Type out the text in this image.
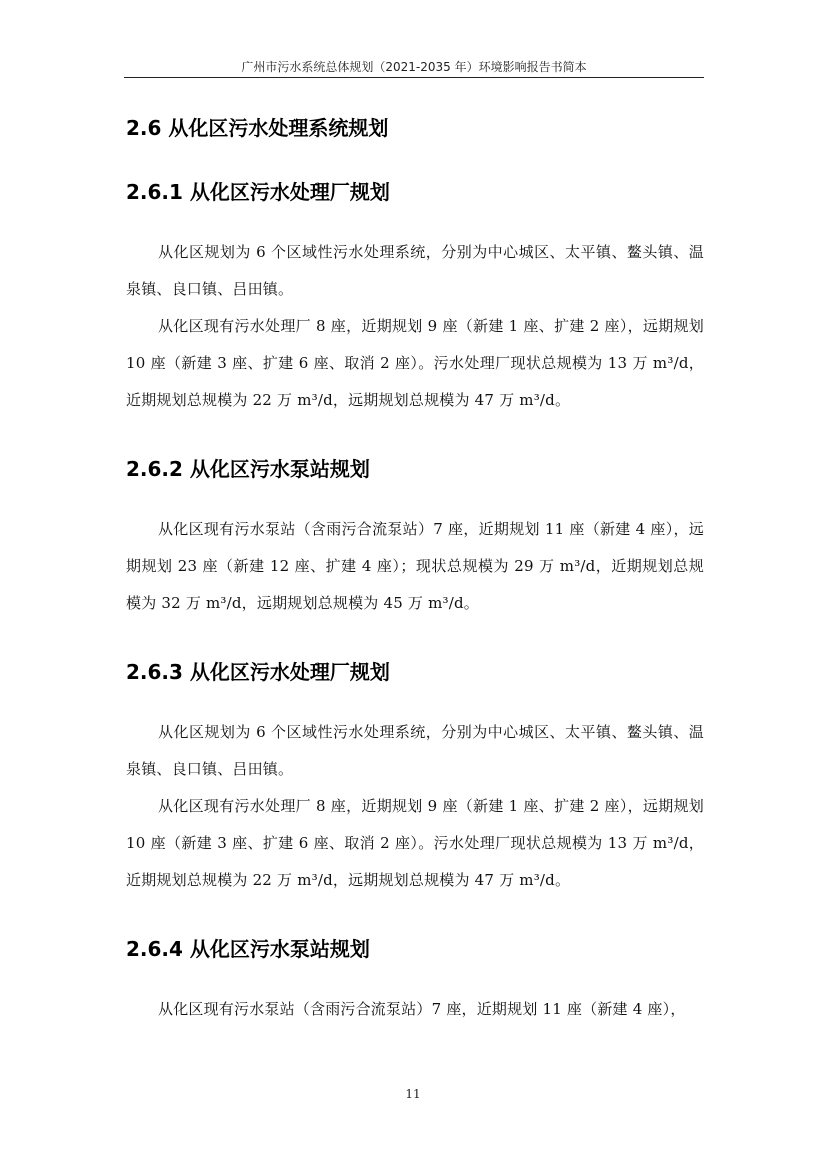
广州市污水系统总体规划（2021-2035 年）环境影响报告书简本
2.6 从化区污水处理系统规划
2.6.1 从化区污水处理厂规划

从化区规划为 6 个区域性污水处理系统，分别为中心城区、太平镇、鳌头镇、温泉镇、良口镇、吕田镇。

从化区现有污水处理厂 8 座，近期规划 9 座（新建 1 座、扩建 2 座），远期规划 10 座（新建 3 座、扩建 6 座、取消 2 座）。污水处理厂现状总规模为 13 万 m³/d，近期规划总规模为 22 万 m³/d，远期规划总规模为 47 万 m³/d。

2.6.2 从化区污水泵站规划

从化区现有污水泵站（含雨污合流泵站）7 座，近期规划 11 座（新建 4 座），远期规划 23 座（新建 12 座、扩建 4 座）；现状总规模为 29 万 m³/d，近期规划总规模为 32 万 m³/d，远期规划总规模为 45 万 m³/d。

2.6.3 从化区污水处理厂规划

从化区规划为 6 个区域性污水处理系统，分别为中心城区、太平镇、鳌头镇、温泉镇、良口镇、吕田镇。

从化区现有污水处理厂 8 座，近期规划 9 座（新建 1 座、扩建 2 座），远期规划 10 座（新建 3 座、扩建 6 座、取消 2 座）。污水处理厂现状总规模为 13 万 m³/d，近期规划总规模为 22 万 m³/d，远期规划总规模为 47 万 m³/d。

2.6.4 从化区污水泵站规划

从化区现有污水泵站（含雨污合流泵站）7 座，近期规划 11 座（新建 4 座），

11
